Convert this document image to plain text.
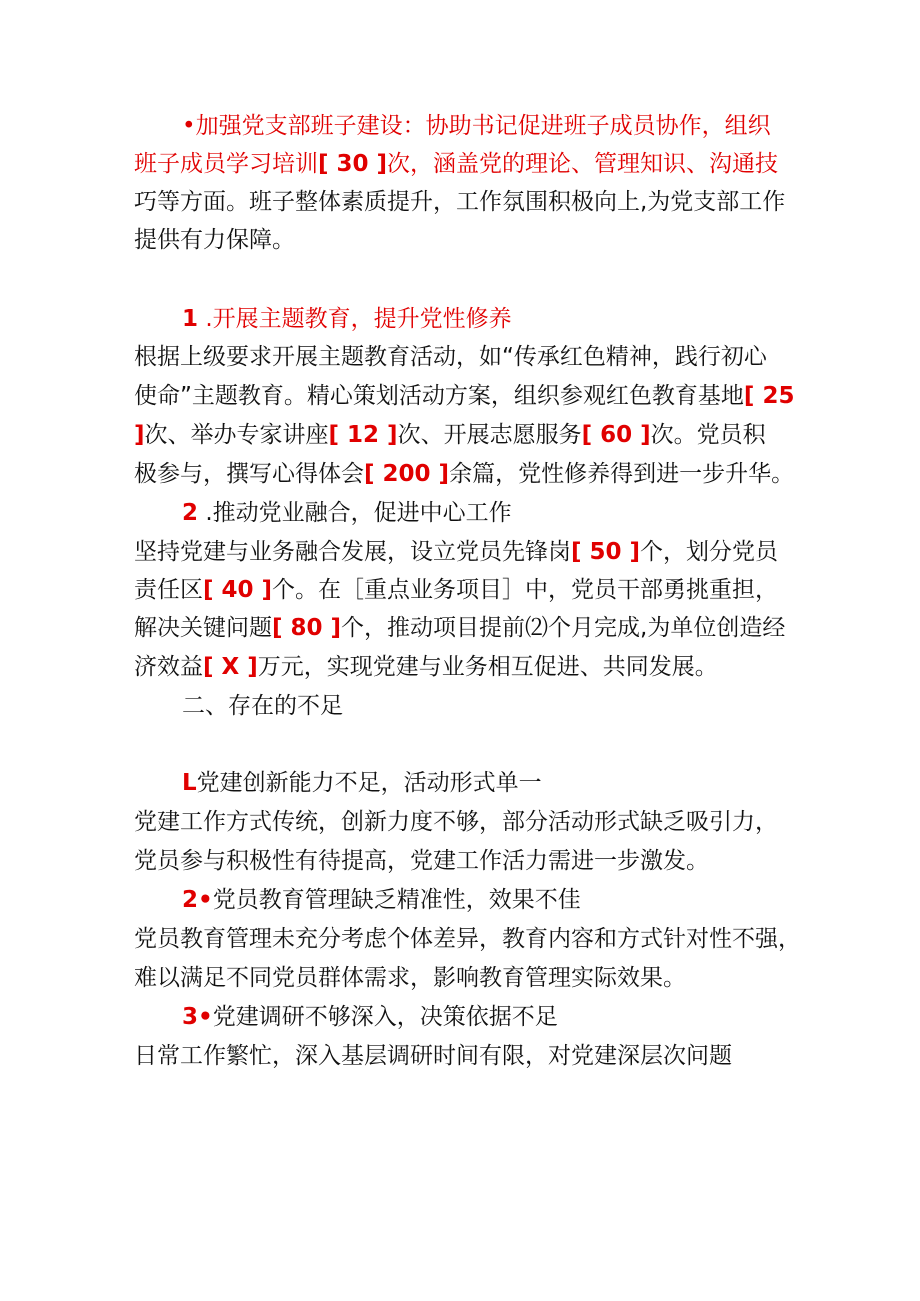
•加强党支部班子建设：协助书记促进班子成员协作，组织
班子成员学习培训[ 30 ]次，涵盖党的理论、管理知识、沟通技
巧等方面。班子整体素质提升，工作氛围积极向上,为党支部工作
提供有力保障。
1 .开展主题教育，提升党性修养
根据上级要求开展主题教育活动，如“传承红色精神，践行初心
使命”主题教育。精心策划活动方案，组织参观红色教育基地[ 25
]次、举办专家讲座[ 12 ]次、开展志愿服务[ 60 ]次。党员积
极参与，撰写心得体会[ 200 ]余篇，党性修养得到进一步升华。
2 .推动党业融合，促进中心工作
坚持党建与业务融合发展，设立党员先锋岗[ 50 ]个，划分党员
责任区[ 40 ]个。在［重点业务项目］中，党员干部勇挑重担，
解决关键问题[ 80 ]个，推动项目提前⑵个月完成,为单位创造经
济效益[ X ]万元，实现党建与业务相互促进、共同发展。
二、存在的不足
L党建创新能力不足，活动形式单一
党建工作方式传统，创新力度不够，部分活动形式缺乏吸引力，
党员参与积极性有待提高，党建工作活力需进一步激发。
2•党员教育管理缺乏精准性，效果不佳
党员教育管理未充分考虑个体差异，教育内容和方式针对性不强，
难以满足不同党员群体需求，影响教育管理实际效果。
3•党建调研不够深入，决策依据不足
日常工作繁忙，深入基层调研时间有限，对党建深层次问题
